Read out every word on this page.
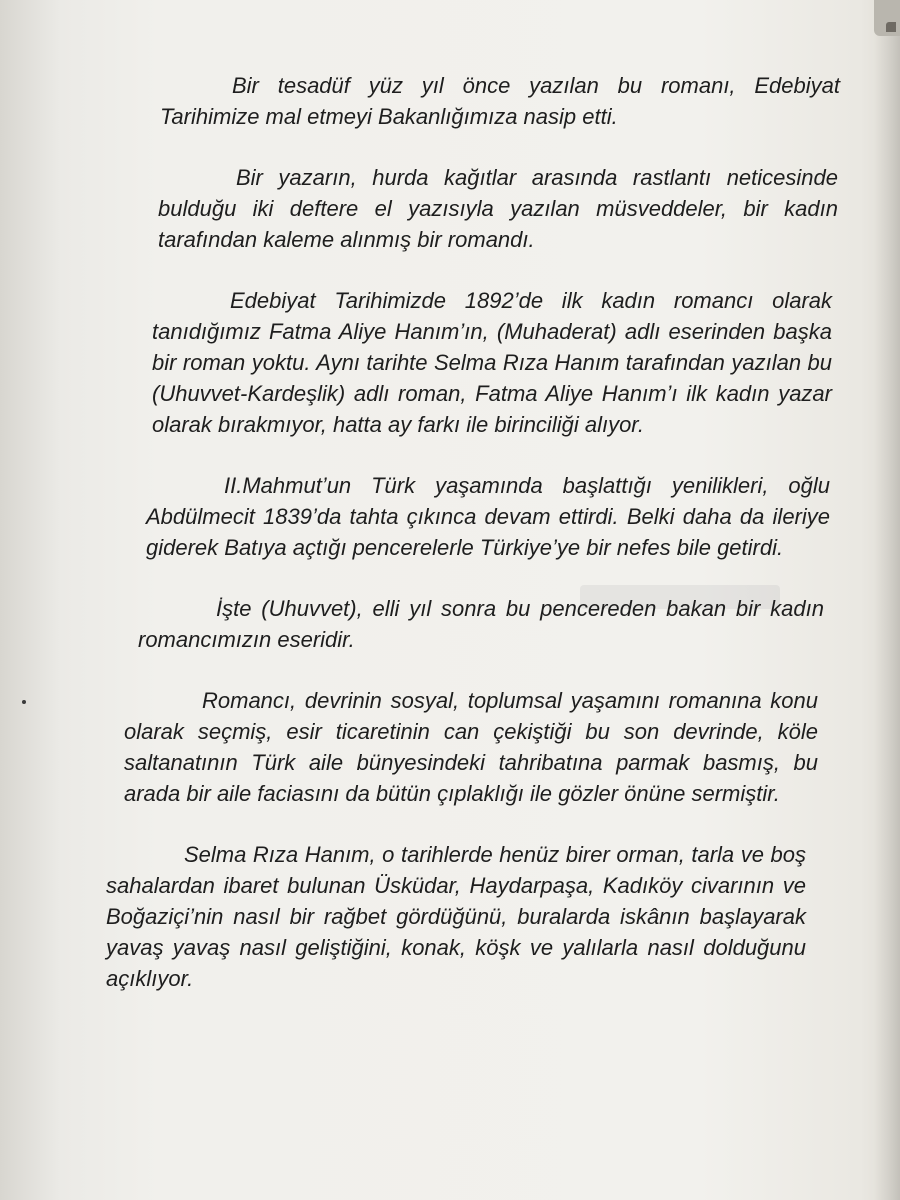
Bir tesadüf yüz yıl önce yazılan bu romanı, Edebiyat Tarihimize mal etmeyi Bakanlığımıza nasip etti.

Bir yazarın, hurda kağıtlar arasında rastlantı neticesinde bulduğu iki deftere el yazısıyla yazılan müsveddeler, bir kadın tarafından kaleme alınmış bir romandı.

Edebiyat Tarihimizde 1892’de ilk kadın romancı olarak tanıdığımız Fatma Aliye Hanım’ın, (Muhaderat) adlı eserinden başka bir roman yoktu. Aynı tarihte Selma Rıza Hanım tarafından yazılan bu (Uhuvvet-Kardeşlik) adlı roman, Fatma Aliye Hanım’ı ilk kadın yazar olarak bırakmıyor, hatta ay farkı ile birinciliği alıyor.

II.Mahmut’un Türk yaşamında başlattığı yenilikleri, oğlu Abdülmecit 1839’da tahta çıkınca devam ettirdi. Belki daha da ileriye giderek Batıya açtığı pencerelerle Türkiye’ye bir nefes bile getirdi.

İşte (Uhuvvet), elli yıl sonra bu pencereden bakan bir kadın romancımızın eseridir.

Romancı, devrinin sosyal, toplumsal yaşamını romanına konu olarak seçmiş, esir ticaretinin can çekiştiği bu son devrinde, köle saltanatının Türk aile bünyesindeki tahribatına parmak basmış, bu arada bir aile faciasını da bütün çıplaklığı ile gözler önüne sermiştir.

Selma Rıza Hanım, o tarihlerde henüz birer orman, tarla ve boş sahalardan ibaret bulunan Üsküdar, Haydarpaşa, Kadıköy civarının ve Boğaziçi’nin nasıl bir rağbet gördüğünü, buralarda iskânın başlayarak yavaş yavaş nasıl geliştiğini, konak, köşk ve yalılarla nasıl dolduğunu açıklıyor.
